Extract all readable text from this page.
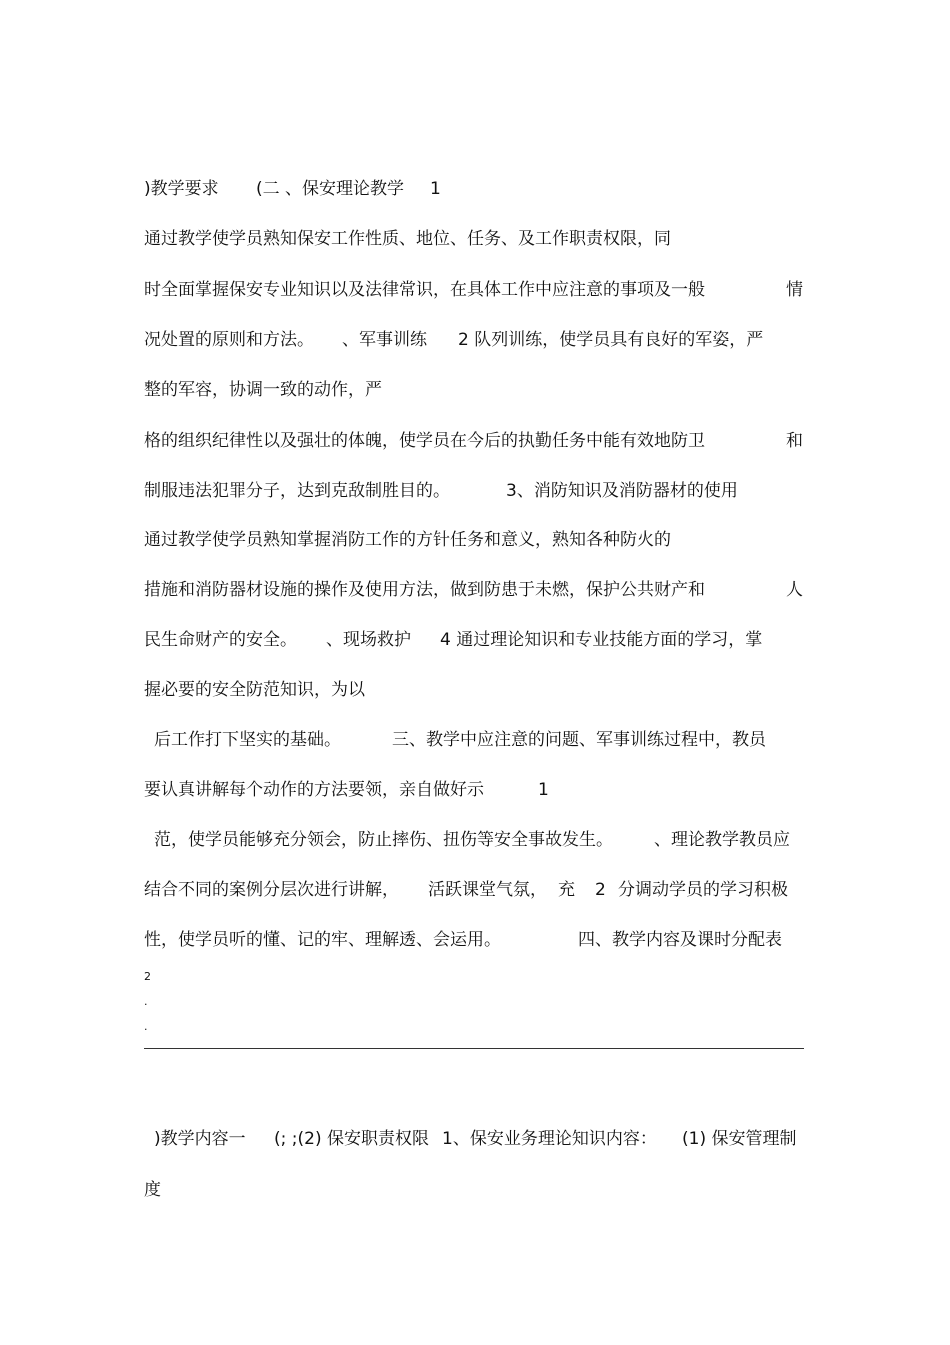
)教学要求 (二 、保安理论教学 1
通过教学使学员熟知保安工作性质、地位、任务、及工作职责权限，同
时全面掌握保安专业知识以及法律常识，在具体工作中应注意的事项及一般	情
况处置的原则和方法。 、军事训练 2 队列训练，使学员具有良好的军姿，严
整的军容，协调一致的动作，严
格的组织纪律性以及强壮的体魄，使学员在今后的执勤任务中能有效地防卫	和
制服违法犯罪分子，达到克敌制胜目的。	3、消防知识及消防器材的使用
通过教学使学员熟知掌握消防工作的方针任务和意义，熟知各种防火的
措施和消防器材设施的操作及使用方法，做到防患于未燃，保护公共财产和	人
民生命财产的安全。 、现场救护 4 通过理论知识和专业技能方面的学习，掌
握必要的安全防范知识，为以
后工作打下坚实的基础。	三、教学中应注意的问题、军事训练过程中，教员
要认真讲解每个动作的方法要领，亲自做好示	1
范，使学员能够充分领会，防止摔伤、扭伤等安全事故发生。 、理论教学教员应
结合不同的案例分层次进行讲解， 活跃课堂气氛， 充 2 分调动学员的学习积极
性，使学员听的懂、记的牢、理解透、会运用。	四、教学内容及课时分配表
2
.
.
)教学内容一 (; ;(2) 保安职责权限 1、保安业务理论知识内容： (1) 保安管理制
度
